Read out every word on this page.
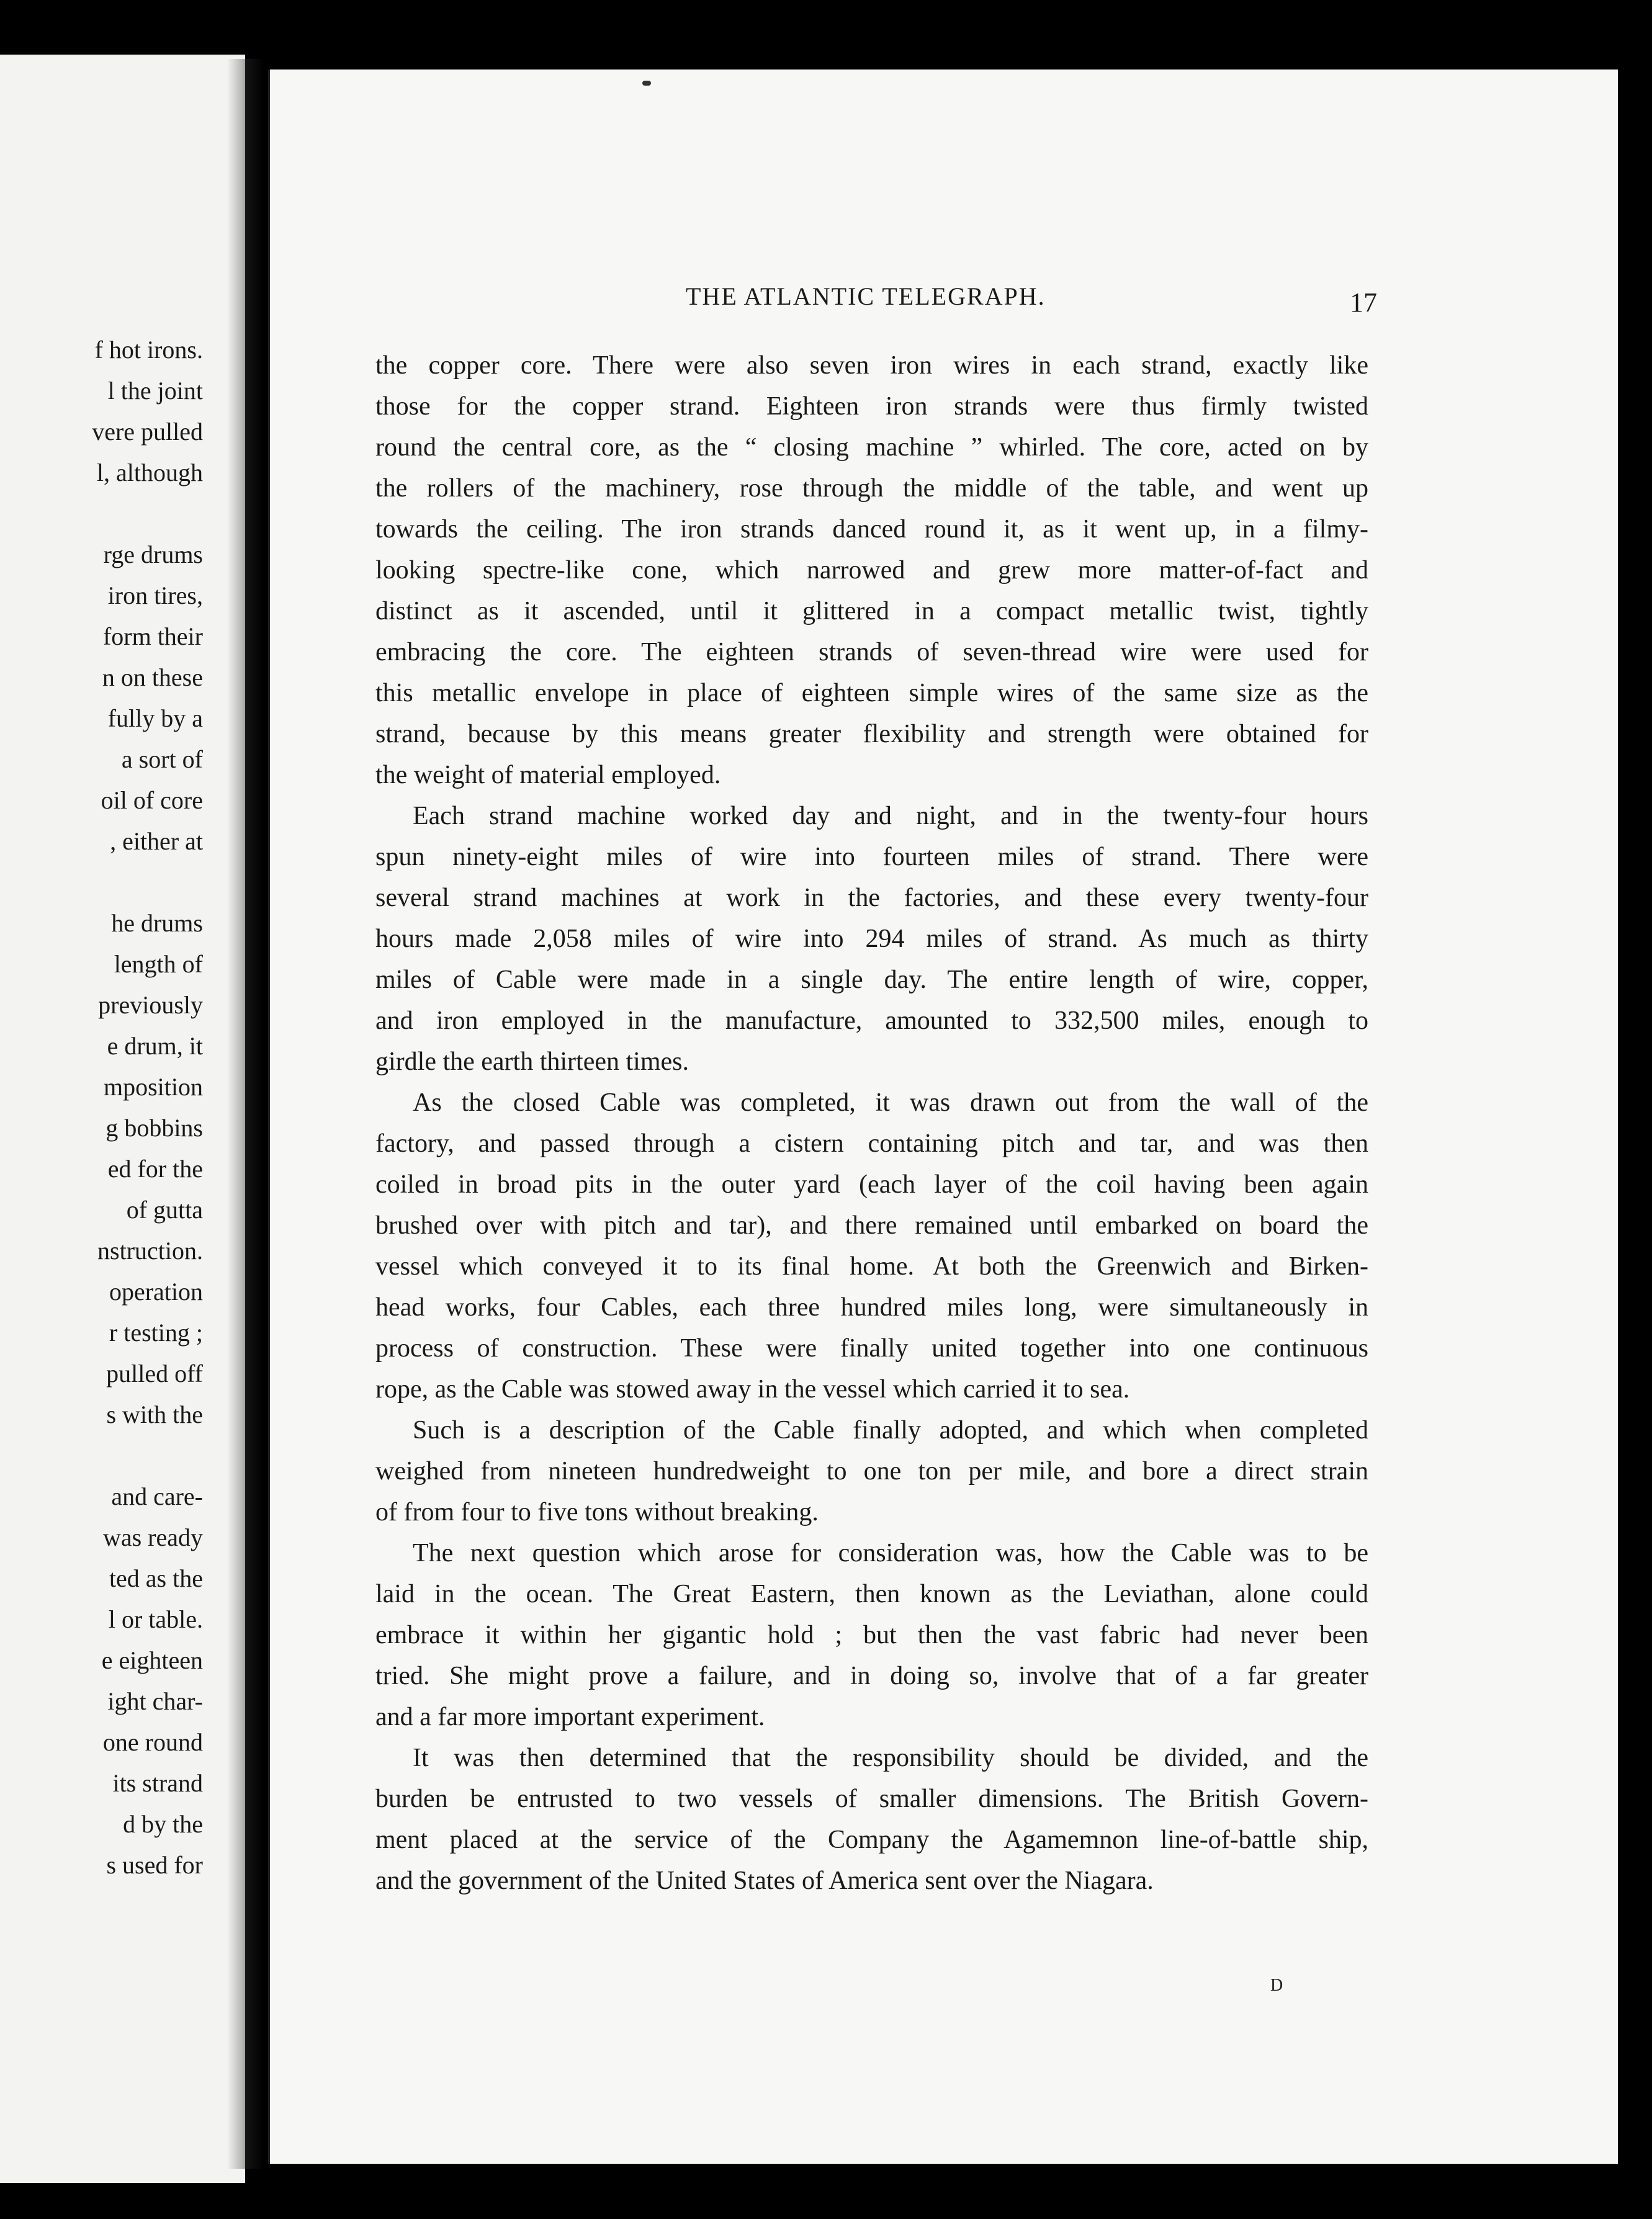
f hot irons.
l the joint
vere pulled
l, although
rge drums
iron tires,
form their
n on these
fully by a
a sort of
oil of core
, either at
he drums
length of
previously
e drum, it
mposition
g bobbins
ed for the
of gutta
nstruction.
operation
r testing ;
pulled off
s with the
and care-
was ready
ted as the
l or table.
e eighteen
ight char-
one round
its strand
d by the
s used for
THE ATLANTIC TELEGRAPH.	17
the copper core. There were also seven iron wires in each strand, exactly like
those for the copper strand. Eighteen iron strands were thus firmly twisted
round the central core, as the “ closing machine ” whirled. The core, acted on by
the rollers of the machinery, rose through the middle of the table, and went up
towards the ceiling. The iron strands danced round it, as it went up, in a filmy-
looking spectre-like cone, which narrowed and grew more matter-of-fact and
distinct as it ascended, until it glittered in a compact metallic twist, tightly
embracing the core. The eighteen strands of seven-thread wire were used for
this metallic envelope in place of eighteen simple wires of the same size as the
strand, because by this means greater flexibility and strength were obtained for
the weight of material employed.
Each strand machine worked day and night, and in the twenty-four hours
spun ninety-eight miles of wire into fourteen miles of strand. There were
several strand machines at work in the factories, and these every twenty-four
hours made 2,058 miles of wire into 294 miles of strand. As much as thirty
miles of Cable were made in a single day. The entire length of wire, copper,
and iron employed in the manufacture, amounted to 332,500 miles, enough to
girdle the earth thirteen times.
As the closed Cable was completed, it was drawn out from the wall of the
factory, and passed through a cistern containing pitch and tar, and was then
coiled in broad pits in the outer yard (each layer of the coil having been again
brushed over with pitch and tar), and there remained until embarked on board the
vessel which conveyed it to its final home. At both the Greenwich and Birken-
head works, four Cables, each three hundred miles long, were simultaneously in
process of construction. These were finally united together into one continuous
rope, as the Cable was stowed away in the vessel which carried it to sea.
Such is a description of the Cable finally adopted, and which when completed
weighed from nineteen hundredweight to one ton per mile, and bore a direct strain
of from four to five tons without breaking.
The next question which arose for consideration was, how the Cable was to be
laid in the ocean. The Great Eastern, then known as the Leviathan, alone could
embrace it within her gigantic hold ; but then the vast fabric had never been
tried. She might prove a failure, and in doing so, involve that of a far greater
and a far more important experiment.
It was then determined that the responsibility should be divided, and the
burden be entrusted to two vessels of smaller dimensions. The British Govern-
ment placed at the service of the Company the Agamemnon line-of-battle ship,
and the government of the United States of America sent over the Niagara.
D
